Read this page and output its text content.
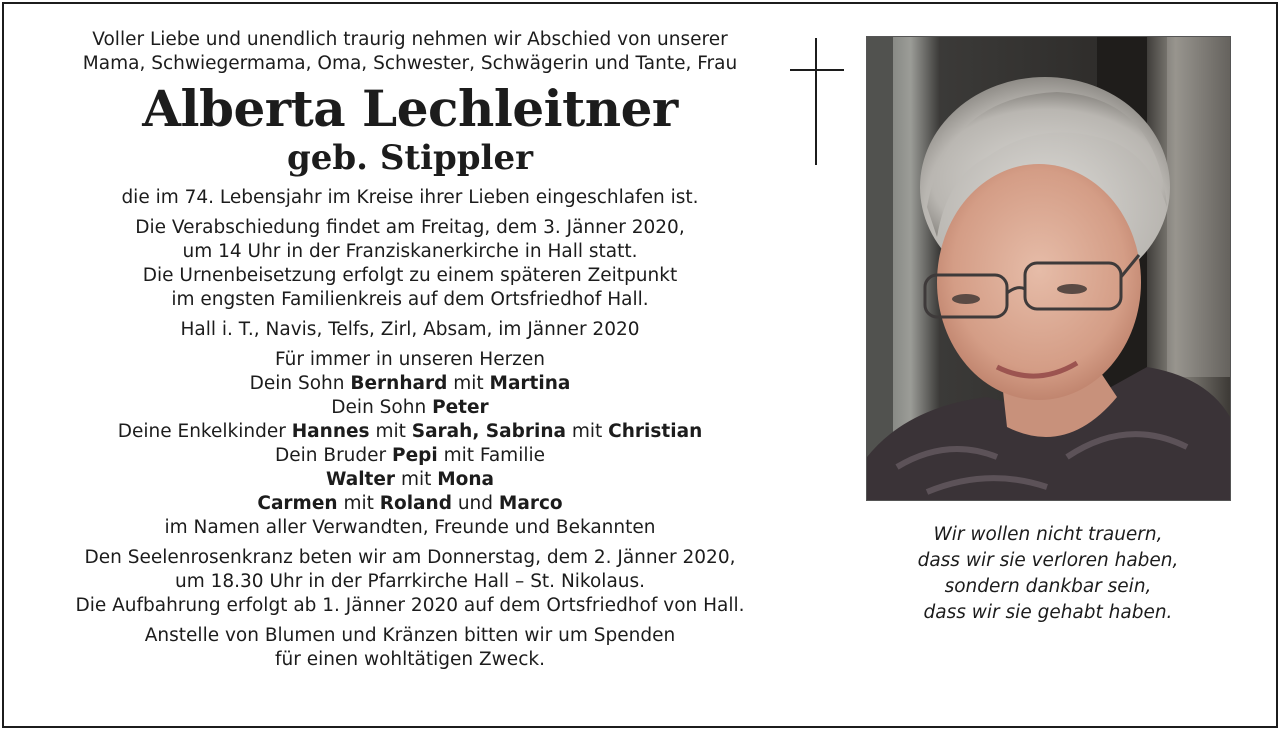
Voller Liebe und unendlich traurig nehmen wir Abschied von unserer

Mama, Schwiegermama, Oma, Schwester, Schwägerin und Tante, Frau

Alberta Lechleitner

geb. Stippler

die im 74. Lebensjahr im Kreise ihrer Lieben eingeschlafen ist.

Die Verabschiedung findet am Freitag, dem 3. Jänner 2020,

um 14 Uhr in der Franziskanerkirche in Hall statt.

Die Urnenbeisetzung erfolgt zu einem späteren Zeitpunkt

im engsten Familienkreis auf dem Ortsfriedhof Hall.

Hall i. T., Navis, Telfs, Zirl, Absam, im Jänner 2020

Für immer in unseren Herzen

Dein Sohn Bernhard mit Martina

Dein Sohn Peter

Deine Enkelkinder Hannes mit Sarah, Sabrina mit Christian

Dein Bruder Pepi mit Familie

Walter mit Mona

Carmen mit Roland und Marco

im Namen aller Verwandten, Freunde und Bekannten

Den Seelenrosenkranz beten wir am Donnerstag, dem 2. Jänner 2020,

um 18.30 Uhr in der Pfarrkirche Hall – St. Nikolaus.

Die Aufbahrung erfolgt ab 1. Jänner 2020 auf dem Ortsfriedhof von Hall.

Anstelle von Blumen und Kränzen bitten wir um Spenden

für einen wohltätigen Zweck.

Wir wollen nicht trauern,

dass wir sie verloren haben,

sondern dankbar sein,

dass wir sie gehabt haben.
